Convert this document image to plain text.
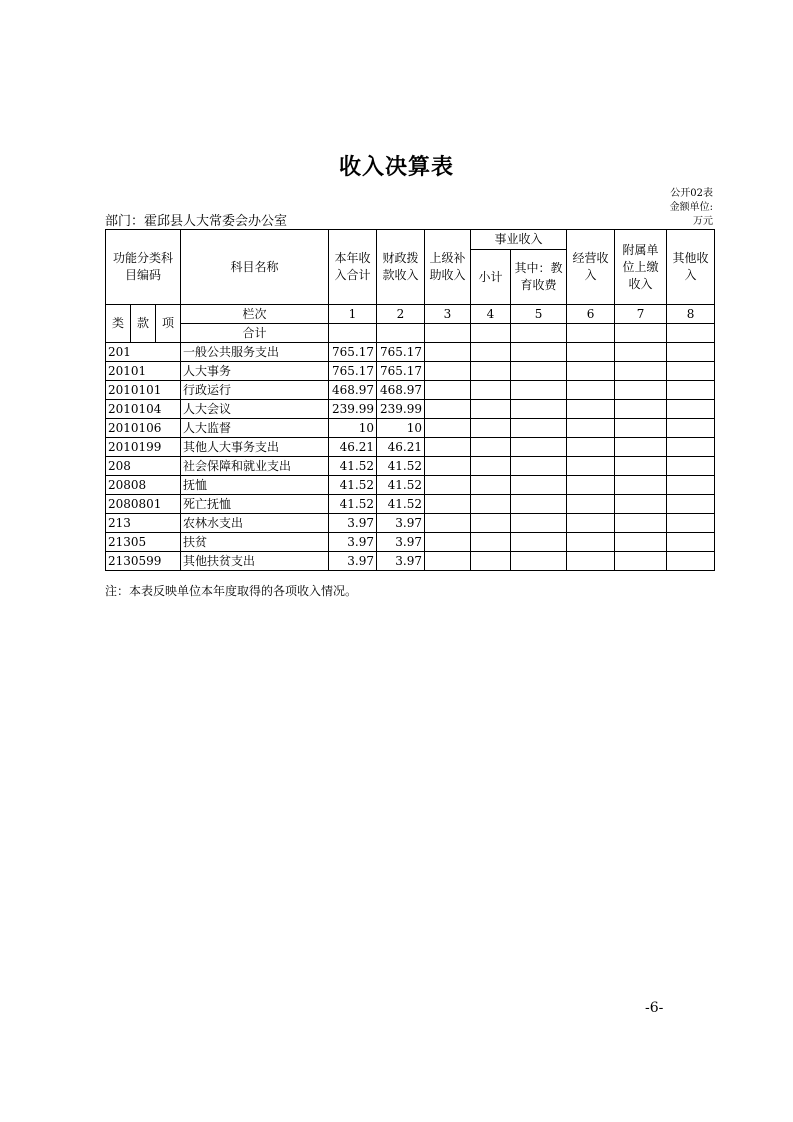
收入决算表
公开02表
金额单位:
万元
部门：霍邱县人大常委会办公室
功能分类科目编码			科目名称	本年收入合计	财政拨款收入	上级补助收入	事业收入		经营收入	附属单位上缴收入	其他收入
							小计	其中：教育收费			
类	款	项	栏次	1	2	3	4	5	6	7	8
			合计								
201			一般公共服务支出	765.17	765.17						
20101			人大事务	765.17	765.17						
2010101			行政运行	468.97	468.97						
2010104			人大会议	239.99	239.99						
2010106			人大监督	10	10						
2010199			其他人大事务支出	46.21	46.21						
208			社会保障和就业支出	41.52	41.52						
20808			抚恤	41.52	41.52						
2080801			死亡抚恤	41.52	41.52						
213			农林水支出	3.97	3.97						
21305			扶贫	3.97	3.97						
2130599			其他扶贫支出	3.97	3.97						
注：本表反映单位本年度取得的各项收入情况。
-6-
